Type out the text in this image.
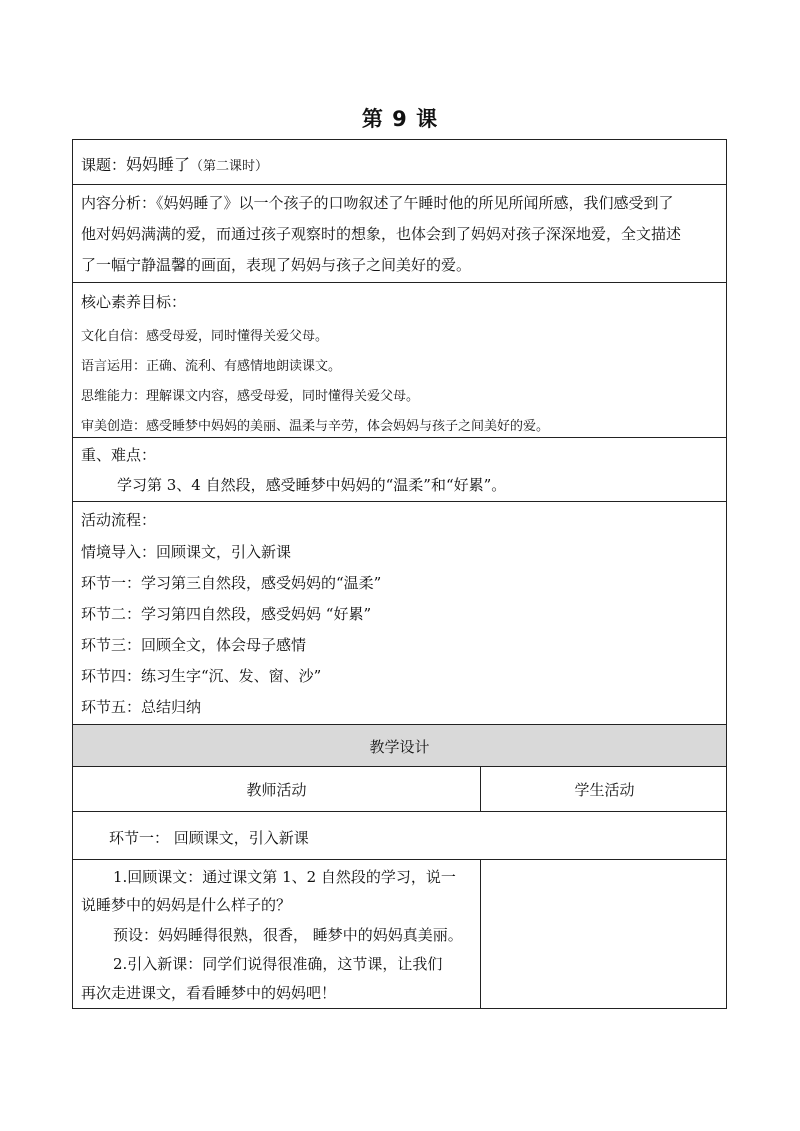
第 9 课
课题：妈妈睡了（第二课时）
内容分析：《妈妈睡了》以一个孩子的口吻叙述了午睡时他的所见所闻所感，我们感受到了
他对妈妈满满的爱，而通过孩子观察时的想象，也体会到了妈妈对孩子深深地爱，全文描述
了一幅宁静温馨的画面，表现了妈妈与孩子之间美好的爱。
核心素养目标：
文化自信：感受母爱，同时懂得关爱父母。
语言运用：正确、流利、有感情地朗读课文。
思维能力：理解课文内容，感受母爱，同时懂得关爱父母。
审美创造：感受睡梦中妈妈的美丽、温柔与辛劳，体会妈妈与孩子之间美好的爱。
重、难点：
学习第 3、4 自然段，感受睡梦中妈妈的“温柔”和“好累”。
活动流程：
情境导入：回顾课文，引入新课
环节一：学习第三自然段，感受妈妈的“温柔”
环节二：学习第四自然段，感受妈妈 “好累”
环节三：回顾全文，体会母子感情
环节四：练习生字“沉、发、窗、沙”
环节五：总结归纳
教学设计
教师活动	学生活动
环节一： 回顾课文，引入新课
1.回顾课文：通过课文第 1、2 自然段的学习，说一
说睡梦中的妈妈是什么样子的？
预设：妈妈睡得很熟，很香， 睡梦中的妈妈真美丽。
2.引入新课：同学们说得很准确，这节课，让我们
再次走进课文，看看睡梦中的妈妈吧！
